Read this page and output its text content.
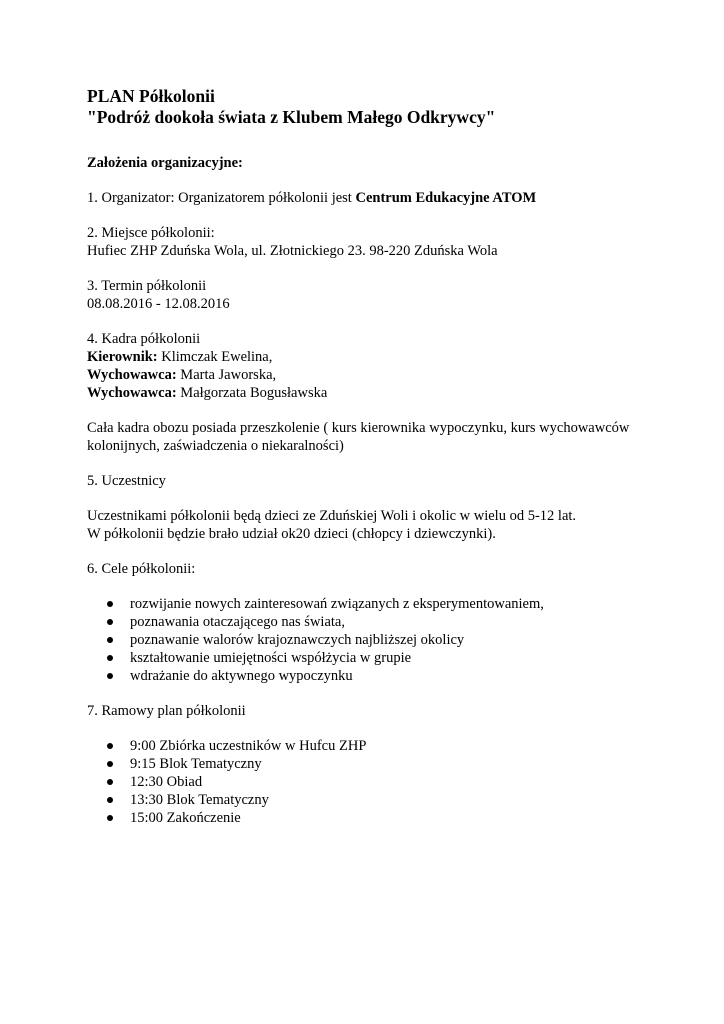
PLAN Półkolonii

"Podróż dookoła świata z Klubem Małego Odkrywcy"

Założenia organizacyjne:

1. Organizator: Organizatorem półkolonii jest Centrum Edukacyjne ATOM

2. Miejsce półkolonii:

Hufiec ZHP Zduńska Wola, ul. Złotnickiego 23. 98-220 Zduńska Wola

3. Termin półkolonii

08.08.2016 - 12.08.2016

4. Kadra półkolonii

Kierownik: Klimczak Ewelina,

Wychowawca: Marta Jaworska,

Wychowawca: Małgorzata Bogusławska

Cała kadra obozu posiada przeszkolenie ( kurs kierownika wypoczynku, kurs wychowawców

kolonijnych, zaświadczenia o niekaralności)

5. Uczestnicy

Uczestnikami półkolonii będą dzieci ze Zduńskiej Woli i okolic w wielu od 5-12 lat.

W półkolonii będzie brało udział ok20 dzieci (chłopcy i dziewczynki).

6. Cele półkolonii:

rozwijanie nowych zainteresowań związanych z eksperymentowaniem,
poznawania otaczającego nas świata,
poznawanie walorów krajoznawczych najbliższej okolicy
kształtowanie umiejętności współżycia w grupie
wdrażanie do aktywnego wypoczynku

7. Ramowy plan półkolonii

9:00 Zbiórka uczestników w Hufcu ZHP
9:15 Blok Tematyczny
12:30 Obiad
13:30 Blok Tematyczny
15:00 Zakończenie
